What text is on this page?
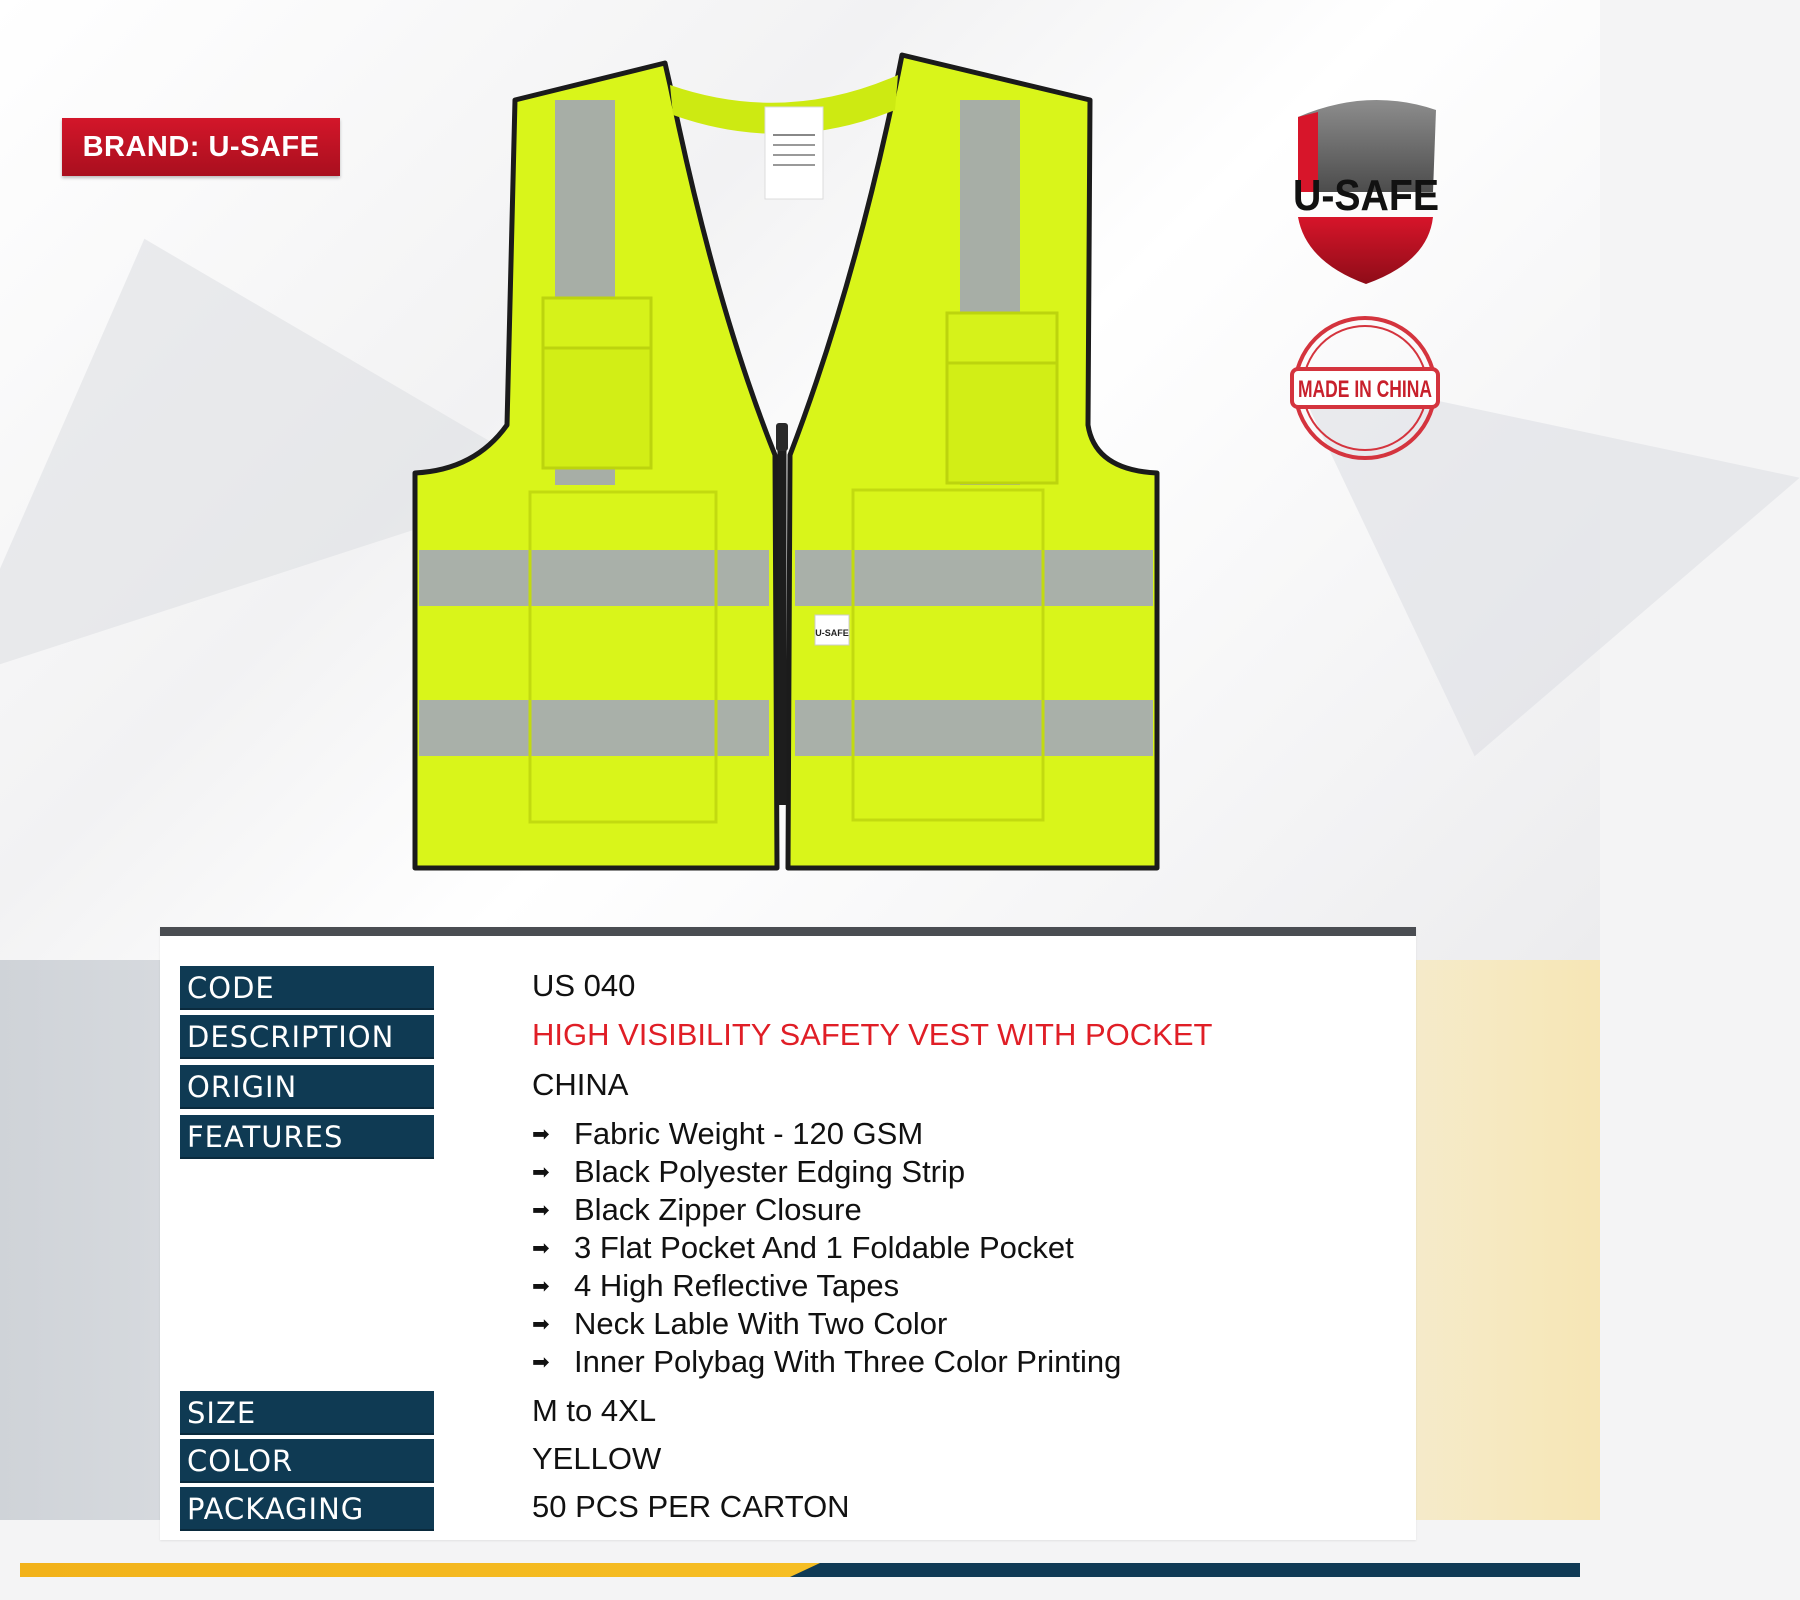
BRAND: U-SAFE
U-SAFE
U-SAFE
MADE IN CHINA
CODE	US 040
DESCRIPTION	HIGH VISIBILITY SAFETY VEST WITH POCKET
ORIGIN	CHINA
FEATURES	➡ Fabric Weight - 120 GSM
➡ Black Polyester Edging Strip
➡ Black Zipper Closure
➡ 3 Flat Pocket And 1 Foldable Pocket
➡ 4 High Reflective Tapes
➡ Neck Lable With Two Color
➡ Inner Polybag With Three Color Printing
SIZE	M to 4XL
COLOR	YELLOW
PACKAGING	50 PCS PER CARTON
